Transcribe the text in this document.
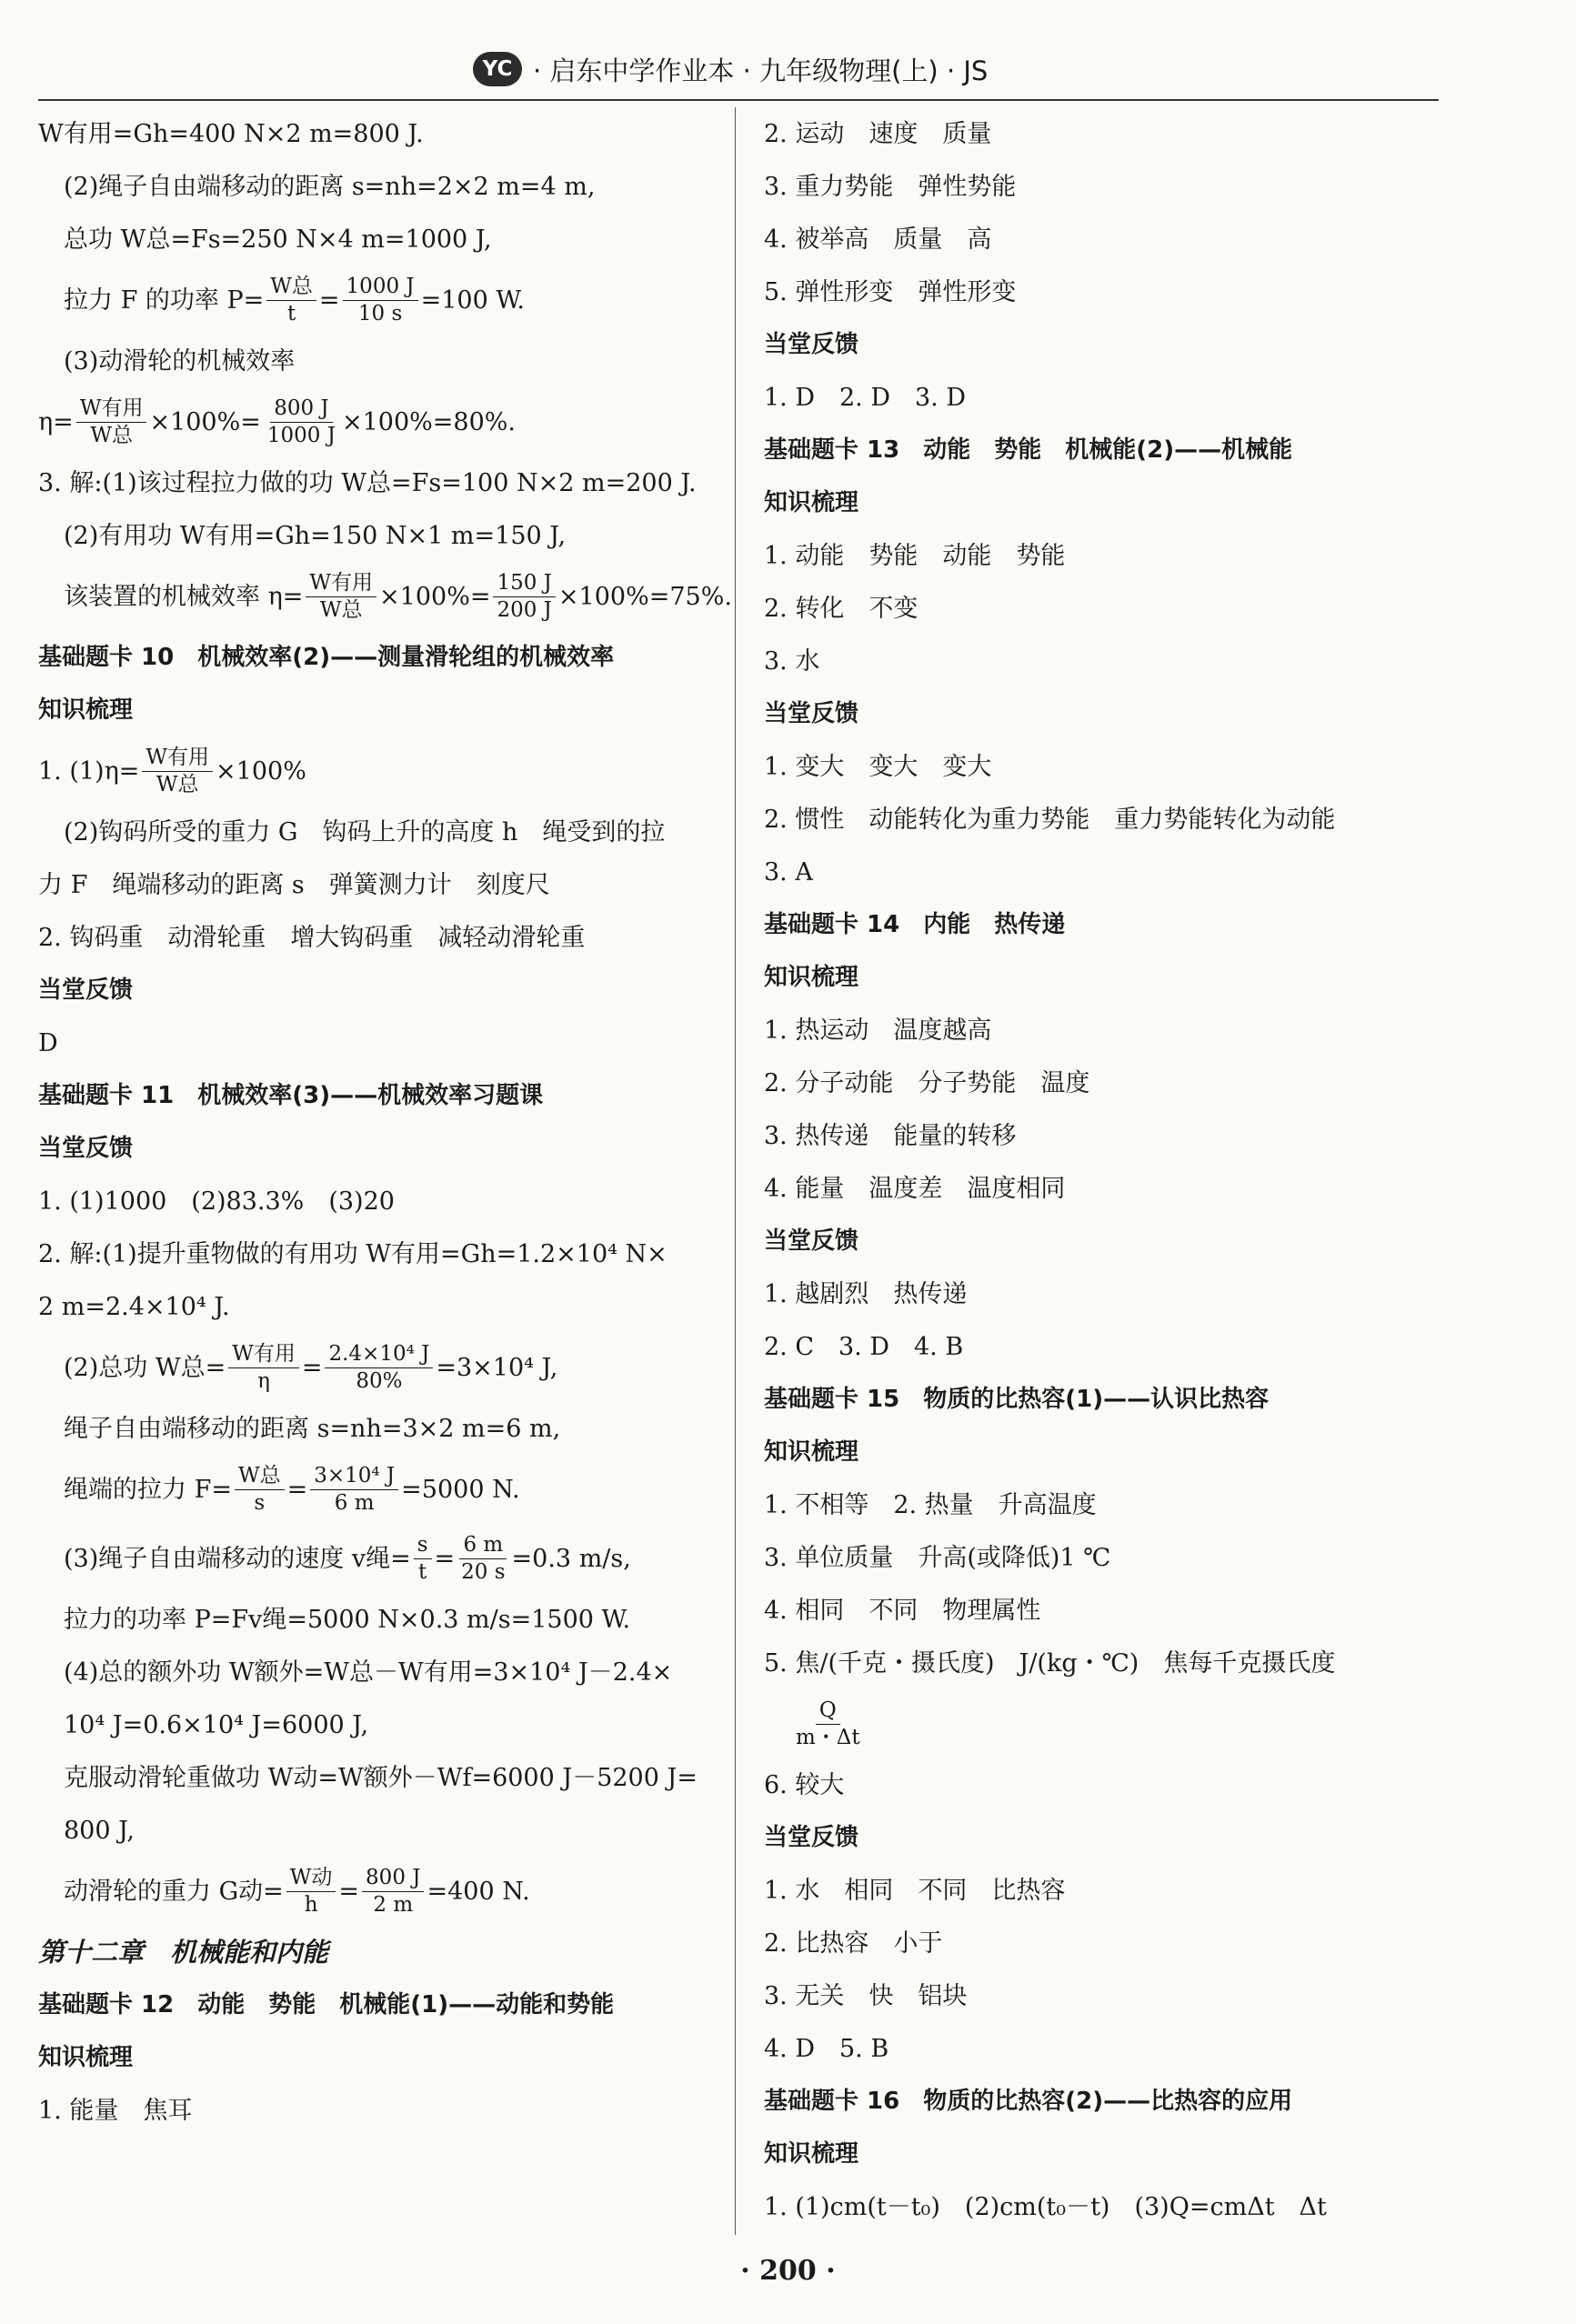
YC · 启东中学作业本 · 九年级物理(上) · JS
W有用=Gh=400 N×2 m=800 J.
(2)绳子自由端移动的距离 s=nh=2×2 m=4 m,
总功 W总=Fs=250 N×4 m=1000 J,
拉力 F 的功率 $P= \frac{\text{W总}}{t} = \frac{1000 J}{10 s} =100$ W.
(3)动滑轮的机械效率
$\eta= \frac{\text{W有用}}{\text{W总}} \times 100\%= \frac{800 J}{1000 J} \times 100\%=80\%$.
3. 解:(1)该过程拉力做的功 W总=Fs=100 N×2 m=200 J.
(2)有用功 W有用=Gh=150 N×1 m=150 J,
该装置的机械效率 $\eta= \frac{\text{W有用}}{\text{W总}} \times 100\%= \frac{150 J}{200 J} \times 100\%=75\%$.
基础题卡 10　机械效率(2)——测量滑轮组的机械效率
知识梳理
1. $(1)\eta= \frac{\text{W有用}}{\text{W总}} \times 100\%$
(2)钩码所受的重力 G　钩码上升的高度 h　绳受到的拉
力 F　绳端移动的距离 s　弹簧测力计　刻度尺
2. 钩码重　动滑轮重　增大钩码重　减轻动滑轮重
当堂反馈
D
基础题卡 11　机械效率(3)——机械效率习题课
当堂反馈
1. (1)1000　(2)83.3%　(3)20
2. 解:(1)提升重物做的有用功 W有用=Gh=1.2×10⁴ N×
2 m=2.4×10⁴ J.
(2)总功 W总= $\frac{\text{W有用}}{\eta} = \frac{\text{2.4×10⁴ J}}{80\%} =3\times 10^4$ J,
绳子自由端移动的距离 s=nh=3×2 m=6 m,
绳端的拉力 $F= \frac{\text{W总}}{s} = \frac{\text{3×10⁴ J}}{6 m} =5000$ N.
(3)绳子自由端移动的速度 v绳= $\frac{s}{t} = \frac{6 m}{20 s} =0.3$ m/s,
拉力的功率 P=Fv绳=5000 N×0.3 m/s=1500 W.
(4)总的额外功 W额外=W总－W有用=3×10⁴ J－2.4×
10⁴ J=0.6×10⁴ J=6000 J,
克服动滑轮重做功 W动=W额外－Wf=6000 J－5200 J=
800 J,
动滑轮的重力 G动= $\frac{\text{W动}}{h} = \frac{800 J}{2 m} =400$ N.
第十二章　机械能和内能
基础题卡 12　动能　势能　机械能(1)——动能和势能
知识梳理
1. 能量　焦耳
2. 运动　速度　质量
3. 重力势能　弹性势能
4. 被举高　质量　高
5. 弹性形变　弹性形变
当堂反馈
1. D　2. D　3. D
基础题卡 13　动能　势能　机械能(2)——机械能
知识梳理
1. 动能　势能　动能　势能
2. 转化　不变
3. 水
当堂反馈
1. 变大　变大　变大
2. 惯性　动能转化为重力势能　重力势能转化为动能
3. A
基础题卡 14　内能　热传递
知识梳理
1. 热运动　温度越高
2. 分子动能　分子势能　温度
3. 热传递　能量的转移
4. 能量　温度差　温度相同
当堂反馈
1. 越剧烈　热传递
2. C　3. D　4. B
基础题卡 15　物质的比热容(1)——认识比热容
知识梳理
1. 不相等　2. 热量　升高温度
3. 单位质量　升高(或降低)1 ℃
4. 相同　不同　物理属性
5. 焦/(千克・摄氏度)　J/(kg・℃)　焦每千克摄氏度
$\frac{Q}{m・\Delta t}$
6. 较大
当堂反馈
1. 水　相同　不同　比热容
2. 比热容　小于
3. 无关　快　铝块
4. D　5. B
基础题卡 16　物质的比热容(2)——比热容的应用
知识梳理
1. (1)cm(t－t₀)　(2)cm(t₀－t)　(3)Q=cmΔt　Δt
· 200 ·
